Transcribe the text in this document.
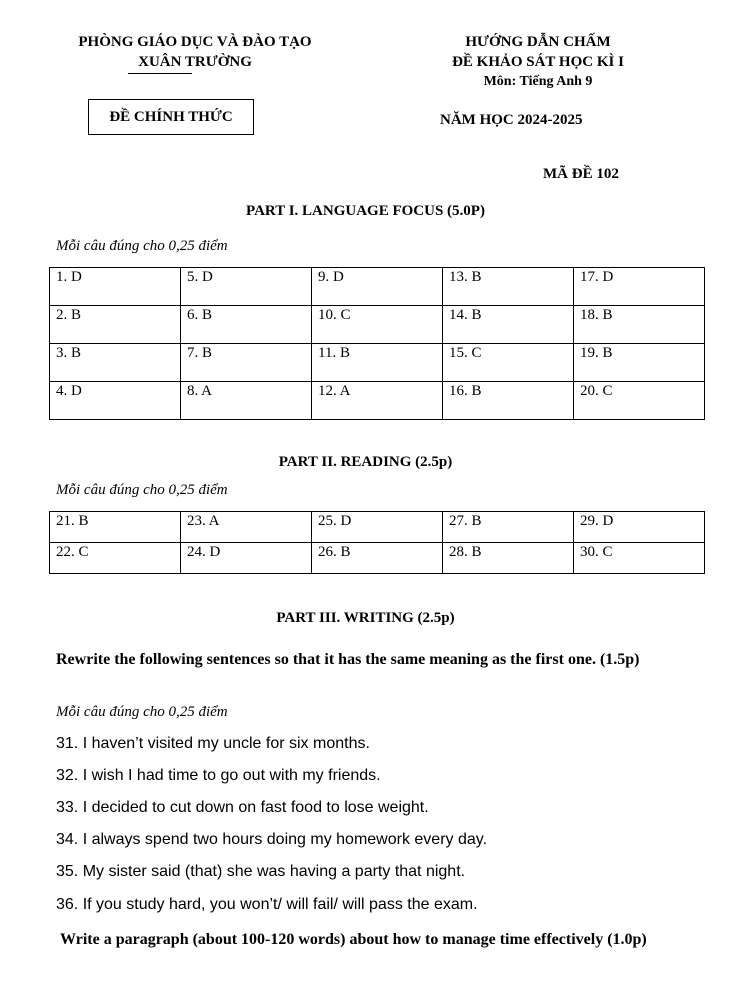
PHÒNG GIÁO DỤC VÀ ĐÀO TẠO
XUÂN TRƯỜNG
HƯỚNG DẪN CHẤM
ĐỀ KHẢO SÁT HỌC KÌ I
Môn: Tiếng Anh 9
ĐỀ CHÍNH THỨC	NĂM HỌC 2024-2025
MÃ ĐỀ 102
PART I. LANGUAGE FOCUS (5.0P)
Mỗi câu đúng cho 0,25 điểm
1. D	5. D	9. D	13. B	17. D
2. B	6. B	10. C	14. B	18. B
3. B	7. B	11. B	15. C	19. B
4. D	8. A	12. A	16. B	20. C
PART II. READING (2.5p)
Mỗi câu đúng cho 0,25 điểm
21. B	23. A	25. D	27. B	29. D
22. C	24. D	26. B	28. B	30. C
PART III. WRITING (2.5p)
Rewrite the following sentences so that it has the same meaning as the first one. (1.5p)
Mỗi câu đúng cho 0,25 điểm
31. I haven’t visited my uncle for six months.
32. I wish I had time to go out with my friends.
33. I decided to cut down on fast food to lose weight.
34. I always spend two hours doing my homework every day.
35. My sister said (that) she was having a party that night.
36. If you study hard, you won’t/ will fail/ will pass the exam.
Write a paragraph (about 100-120 words) about how to manage time effectively (1.0p)
